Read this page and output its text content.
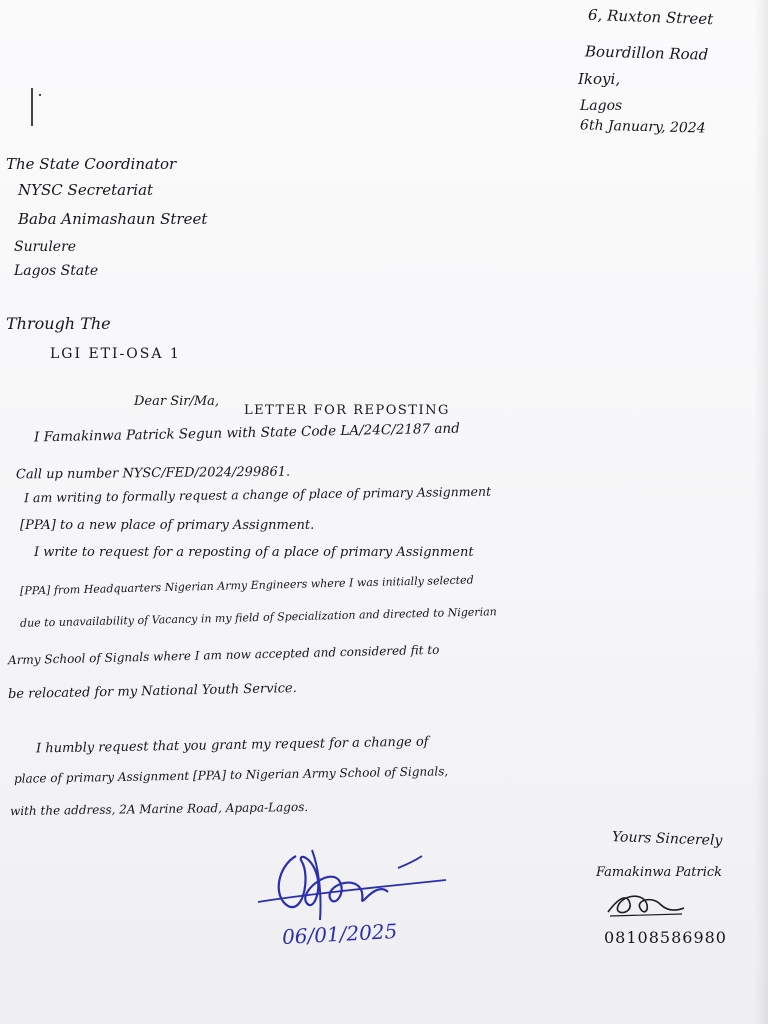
6, Ruxton Street

Bourdillon Road

Ikoyi,

Lagos

6th January, 2024

The State Coordinator

NYSC Secretariat

Baba Animashaun Street

Surulere

Lagos State

Through The

LGI ETI-OSA 1

Dear Sir/Ma,

LETTER FOR REPOSTING

I Famakinwa Patrick Segun with State Code LA/24C/2187 and

Call up number NYSC/FED/2024/299861.

I am writing to formally request a change of place of primary Assignment

[PPA] to a new place of primary Assignment.

I write to request for a reposting of a place of primary Assignment

[PPA] from Headquarters Nigerian Army Engineers where I was initially selected

due to unavailability of Vacancy in my field of Specialization and directed to Nigerian

Army School of Signals where I am now accepted and considered fit to

be relocated for my National Youth Service.

I humbly request that you grant my request for a change of

place of primary Assignment [PPA] to Nigerian Army School of Signals,

with the address, 2A Marine Road, Apapa-Lagos.

Yours Sincerely

Famakinwa Patrick

08108586980

06/01/2025
